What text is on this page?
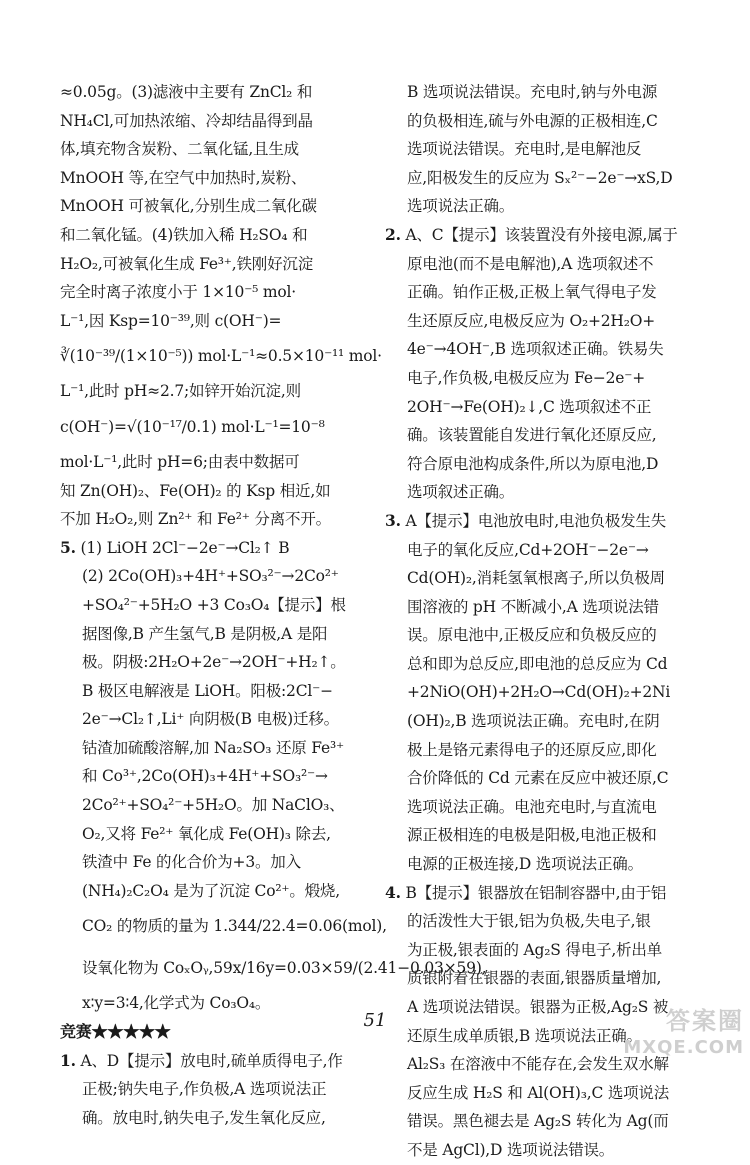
≈0.05g。(3)滤液中主要有 ZnCl₂ 和
NH₄Cl,可加热浓缩、冷却结晶得到晶
体,填充物含炭粉、二氧化锰,且生成
MnOOH 等,在空气中加热时,炭粉、
MnOOH 可被氧化,分别生成二氧化碳
和二氧化锰。(4)铁加入稀 H₂SO₄ 和
H₂O₂,可被氧化生成 Fe³⁺,铁刚好沉淀
完全时离子浓度小于 1×10⁻⁵ mol·
L⁻¹,因 Ksp=10⁻³⁹,则 c(OH⁻)=
∛(10⁻³⁹/(1×10⁻⁵)) mol·L⁻¹≈0.5×10⁻¹¹ mol·
L⁻¹,此时 pH≈2.7;如锌开始沉淀,则
c(OH⁻)=√(10⁻¹⁷/0.1) mol·L⁻¹=10⁻⁸
mol·L⁻¹,此时 pH=6;由表中数据可
知 Zn(OH)₂、Fe(OH)₂ 的 Ksp 相近,如
不加 H₂O₂,则 Zn²⁺ 和 Fe²⁺ 分离不开。
5. (1) LiOH 2Cl⁻−2e⁻→Cl₂↑ B
(2) 2Co(OH)₃+4H⁺+SO₃²⁻→2Co²⁺
+SO₄²⁻+5H₂O +3 Co₃O₄【提示】根
据图像,B 产生氢气,B 是阴极,A 是阳
极。阴极:2H₂O+2e⁻→2OH⁻+H₂↑。
B 极区电解液是 LiOH。阳极:2Cl⁻−
2e⁻→Cl₂↑,Li⁺ 向阴极(B 电极)迁移。
钴渣加硫酸溶解,加 Na₂SO₃ 还原 Fe³⁺
和 Co³⁺,2Co(OH)₃+4H⁺+SO₃²⁻→
2Co²⁺+SO₄²⁻+5H₂O。加 NaClO₃、
O₂,又将 Fe²⁺ 氧化成 Fe(OH)₃ 除去,
铁渣中 Fe 的化合价为+3。加入
(NH₄)₂C₂O₄ 是为了沉淀 Co²⁺。煅烧,
CO₂ 的物质的量为 1.344/22.4=0.06(mol),
设氧化物为 CoₓOᵧ,59x/16y=0.03×59/(2.41−0.03×59),
x∶y=3∶4,化学式为 Co₃O₄。
竞赛★★★★★
1. A、D【提示】放电时,硫单质得电子,作
正极;钠失电子,作负极,A 选项说法正
确。放电时,钠失电子,发生氧化反应,
B 选项说法错误。充电时,钠与外电源
的负极相连,硫与外电源的正极相连,C
选项说法错误。充电时,是电解池反
应,阳极发生的反应为 Sₓ²⁻−2e⁻→xS,D
选项说法正确。
2. A、C【提示】该装置没有外接电源,属于
原电池(而不是电解池),A 选项叙述不
正确。铂作正极,正极上氧气得电子发
生还原反应,电极反应为 O₂+2H₂O+
4e⁻→4OH⁻,B 选项叙述正确。铁易失
电子,作负极,电极反应为 Fe−2e⁻+
2OH⁻→Fe(OH)₂↓,C 选项叙述不正
确。该装置能自发进行氧化还原反应,
符合原电池构成条件,所以为原电池,D
选项叙述正确。
3. A【提示】电池放电时,电池负极发生失
电子的氧化反应,Cd+2OH⁻−2e⁻→
Cd(OH)₂,消耗氢氧根离子,所以负极周
围溶液的 pH 不断减小,A 选项说法错
误。原电池中,正极反应和负极反应的
总和即为总反应,即电池的总反应为 Cd
+2NiO(OH)+2H₂O→Cd(OH)₂+2Ni
(OH)₂,B 选项说法正确。充电时,在阴
极上是铬元素得电子的还原反应,即化
合价降低的 Cd 元素在反应中被还原,C
选项说法正确。电池充电时,与直流电
源正极相连的电极是阳极,电池正极和
电源的正极连接,D 选项说法正确。
4. B【提示】银器放在铝制容器中,由于铝
的活泼性大于银,铝为负极,失电子,银
为正极,银表面的 Ag₂S 得电子,析出单
质银附着在银器的表面,银器质量增加,
A 选项说法错误。银器为正极,Ag₂S 被
还原生成单质银,B 选项说法正确。
Al₂S₃ 在溶液中不能存在,会发生双水解
反应生成 H₂S 和 Al(OH)₃,C 选项说法
错误。黑色褪去是 Ag₂S 转化为 Ag(而
不是 AgCl),D 选项说法错误。
51	答案圈
MXQE.COM
